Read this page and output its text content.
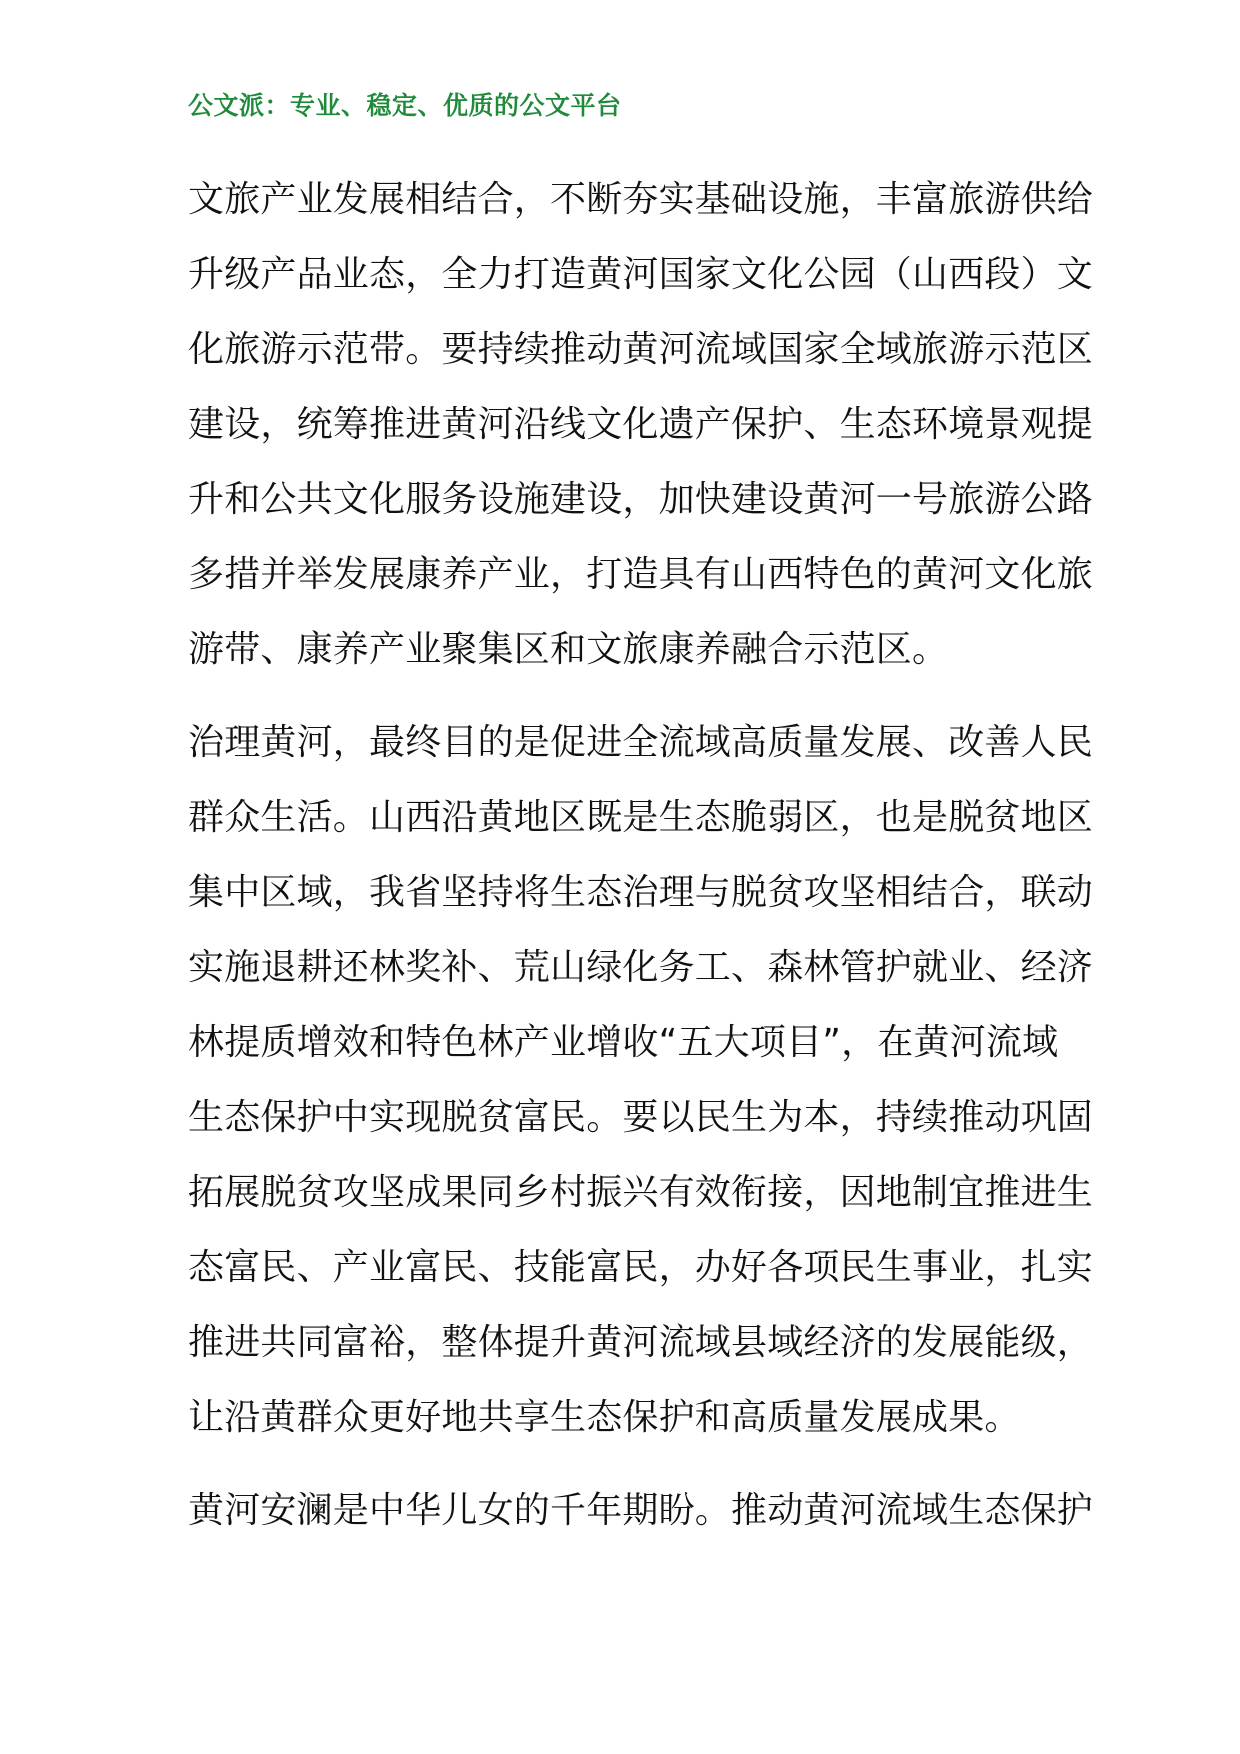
公文派：专业、稳定、优质的公文平台
文旅产业发展相结合，不断夯实基础设施，丰富旅游供给
升级产品业态，全力打造黄河国家文化公园（山西段）文
化旅游示范带。要持续推动黄河流域国家全域旅游示范区
建设，统筹推进黄河沿线文化遗产保护、生态环境景观提
升和公共文化服务设施建设，加快建设黄河一号旅游公路
多措并举发展康养产业，打造具有山西特色的黄河文化旅
游带、康养产业聚集区和文旅康养融合示范区。
治理黄河，最终目的是促进全流域高质量发展、改善人民
群众生活。山西沿黄地区既是生态脆弱区，也是脱贫地区
集中区域，我省坚持将生态治理与脱贫攻坚相结合，联动
实施退耕还林奖补、荒山绿化务工、森林管护就业、经济
林提质增效和特色林产业增收“五大项目”，在黄河流域
生态保护中实现脱贫富民。要以民生为本，持续推动巩固
拓展脱贫攻坚成果同乡村振兴有效衔接，因地制宜推进生
态富民、产业富民、技能富民，办好各项民生事业，扎实
推进共同富裕，整体提升黄河流域县域经济的发展能级，
让沿黄群众更好地共享生态保护和高质量发展成果。
黄河安澜是中华儿女的千年期盼。推动黄河流域生态保护
